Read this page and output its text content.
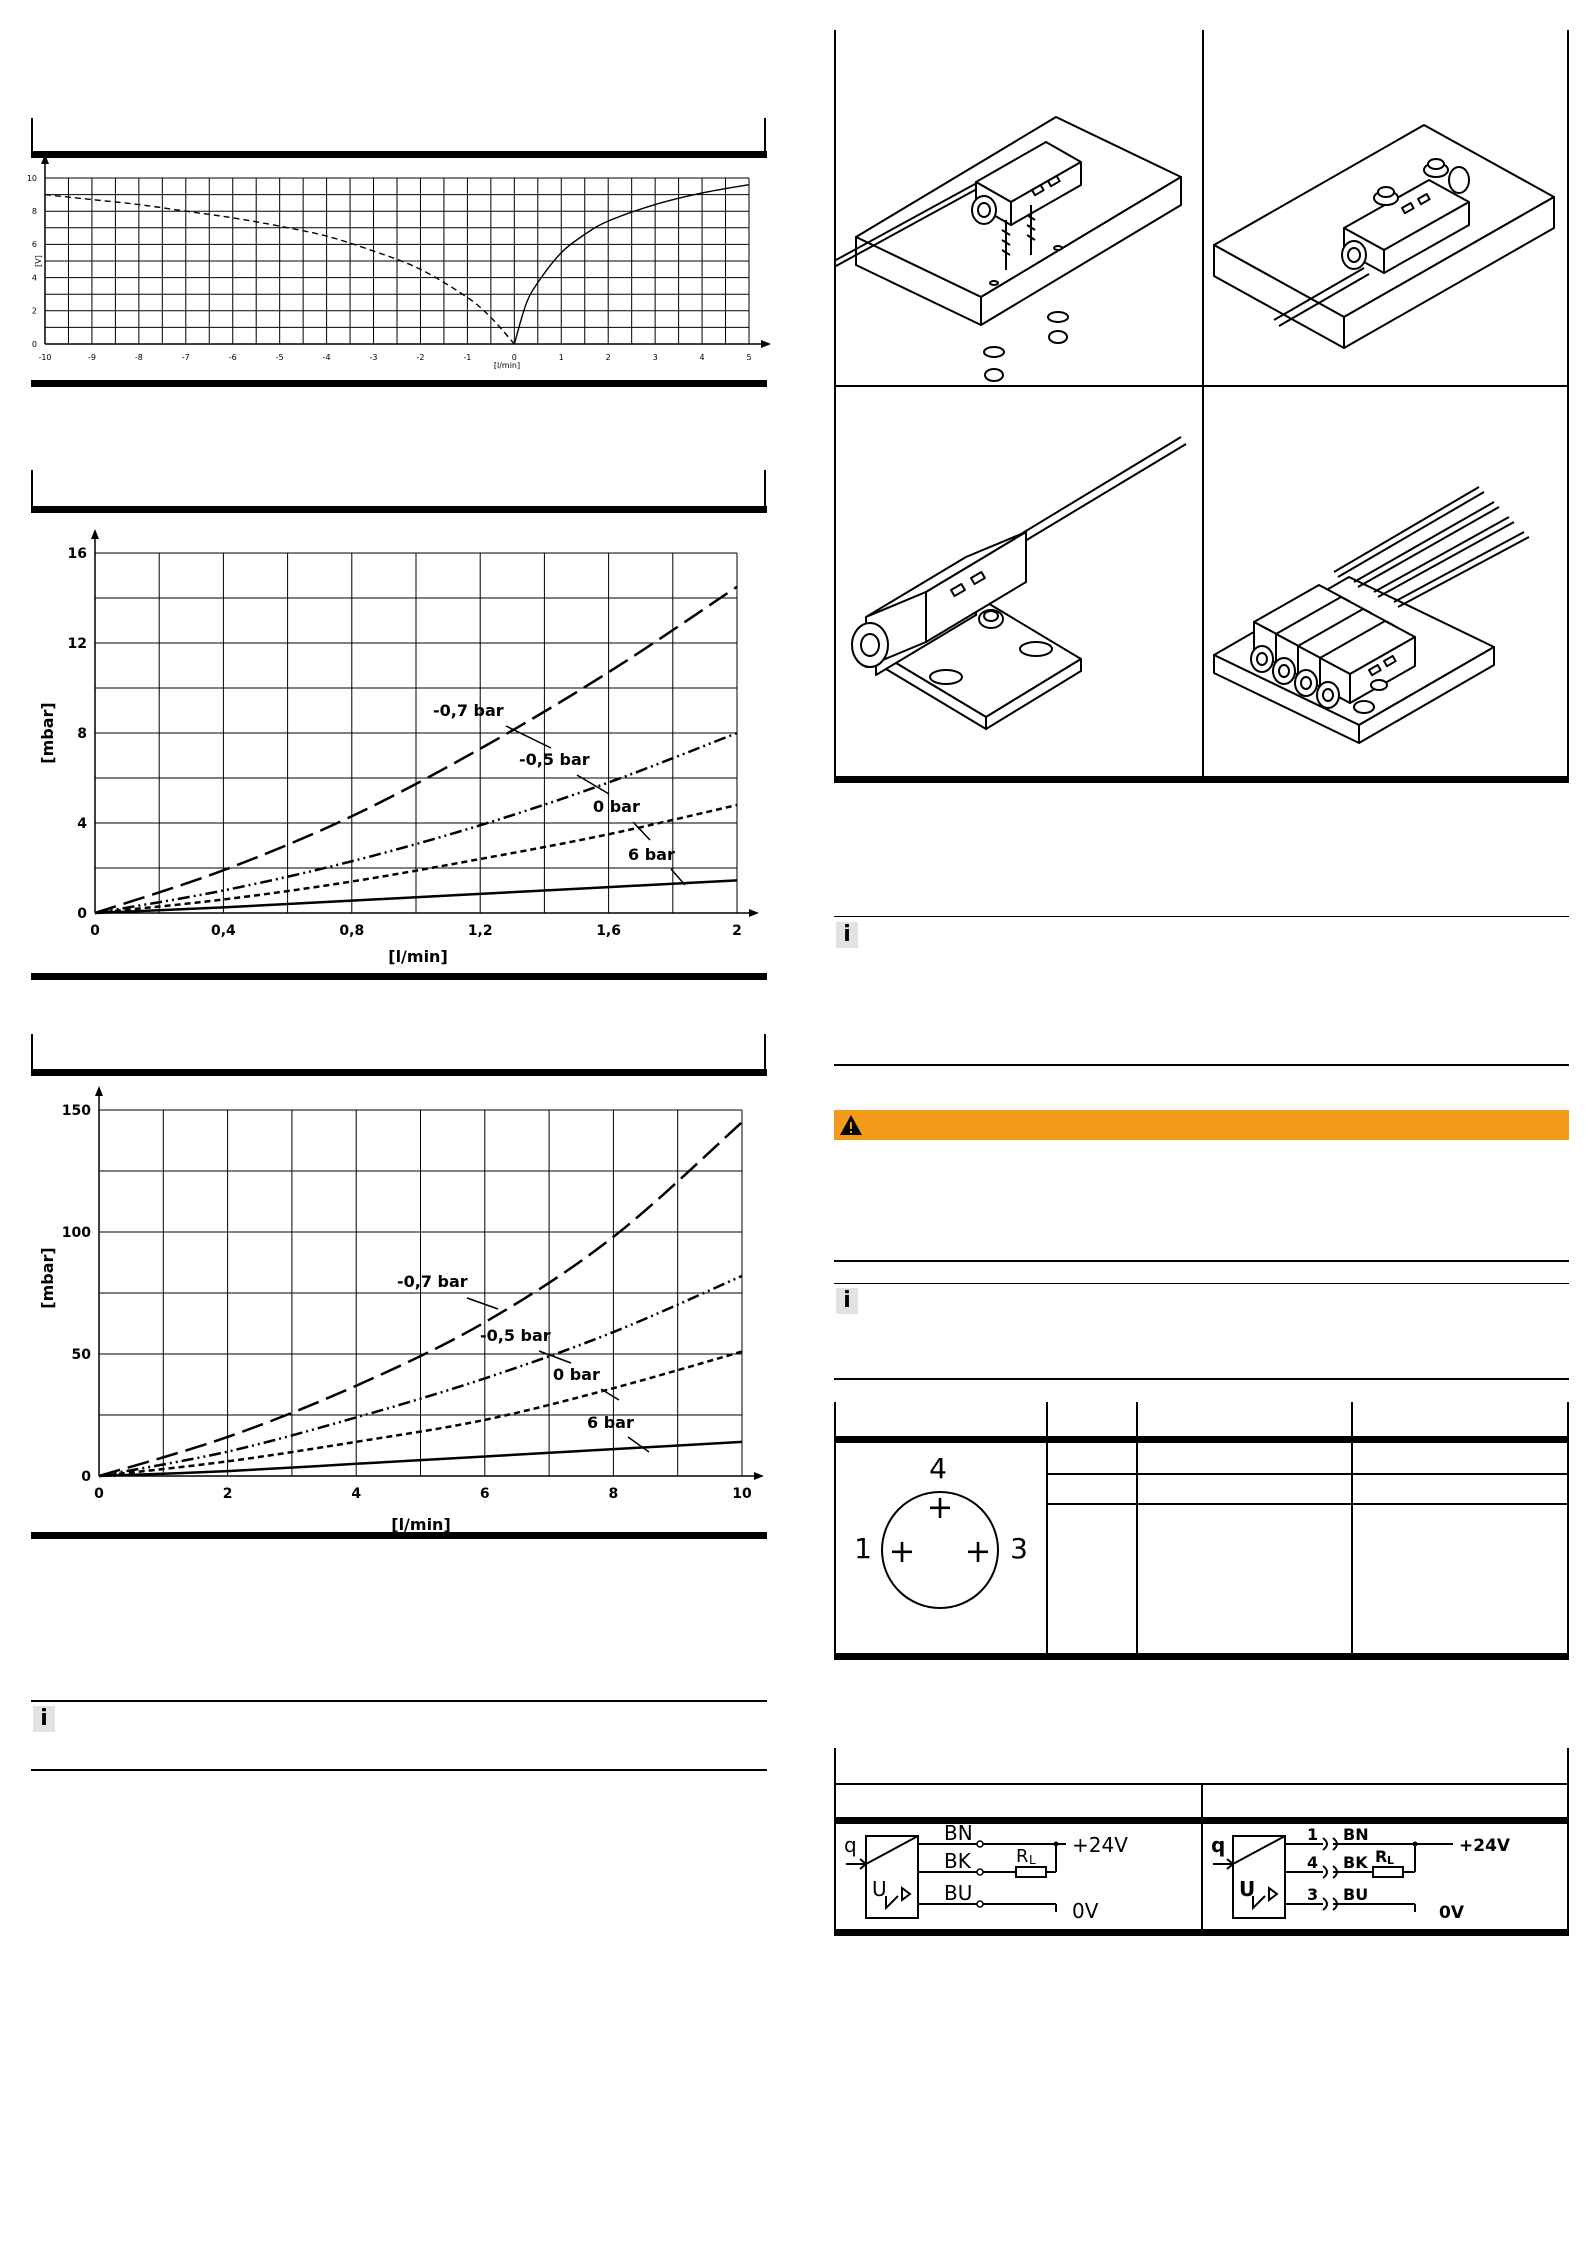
-10	-9	-8	-7	-6	-5	-4	-3	-2	-1	0	1	2	3	4	5
0
2
4
6
8
10
[l/min]
[V]
0	0,4	0,8	1,2	1,6	2
0
4
8
12
16
[l/min]
[mbar]	-0,7 bar
-0,5 bar
0 bar
6 bar
0	2	4	6	8	10
0
50
100
150
[l/min]
[mbar]	-0,7 bar
-0,5 bar
0 bar
6 bar
i
i
i
4
1	3
+
+ +
q
U
BN
BK
BU
R L
+24V
0V
q
U
1
4
3
BN
BK
BU
R L
+24V
0V
